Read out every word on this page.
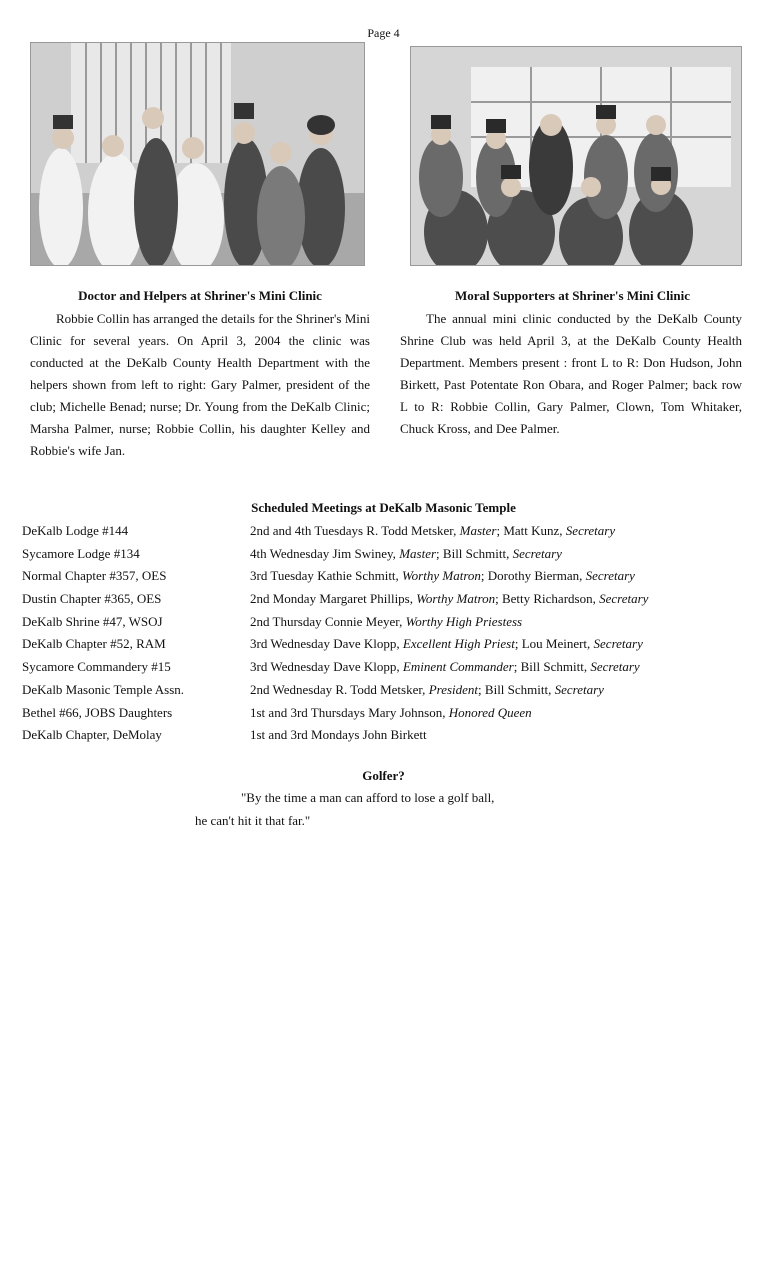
Page 4
Doctor and Helpers at Shriner's Mini Clinic

Robbie Collin has arranged the details for the Shriner's Mini Clinic for several years. On April 3, 2004 the clinic was conducted at the DeKalb County Health Department with the helpers shown from left to right: Gary Palmer, president of the club; Michelle Benad; nurse; Dr. Young from the DeKalb Clinic; Marsha Palmer, nurse; Robbie Collin, his daughter Kelley and Robbie's wife Jan.

Moral Supporters at Shriner's Mini Clinic

The annual mini clinic conducted by the DeKalb County Shrine Club was held April 3, at the DeKalb County Health Department. Members present : front L to R: Don Hudson, John Birkett, Past Potentate Ron Obara, and Roger Palmer; back row L to R: Robbie Collin, Gary Palmer, Clown, Tom Whitaker, Chuck Kross, and Dee Palmer.

Scheduled Meetings at DeKalb Masonic Temple
DeKalb Lodge #144	2nd and 4th Tuesdays R. Todd Metsker, Master; Matt Kunz, Secretary
Sycamore Lodge #134	4th Wednesday Jim Swiney, Master; Bill Schmitt, Secretary
Normal Chapter #357, OES	3rd Tuesday Kathie Schmitt, Worthy Matron; Dorothy Bierman, Secretary
Dustin Chapter #365, OES	2nd Monday Margaret Phillips, Worthy Matron; Betty Richardson, Secretary
DeKalb Shrine #47, WSOJ	2nd Thursday Connie Meyer, Worthy High Priestess
DeKalb Chapter #52, RAM	3rd Wednesday Dave Klopp, Excellent High Priest; Lou Meinert, Secretary
Sycamore Commandery #15	3rd Wednesday Dave Klopp, Eminent Commander; Bill Schmitt, Secretary
DeKalb Masonic Temple Assn.	2nd Wednesday R. Todd Metsker, President; Bill Schmitt, Secretary
Bethel #66, JOBS Daughters	1st and 3rd Thursdays Mary Johnson, Honored Queen
DeKalb Chapter, DeMolay	1st and 3rd Mondays John Birkett
Golfer?
"By the time a man can afford to lose a golf ball,
he can't hit it that far."
